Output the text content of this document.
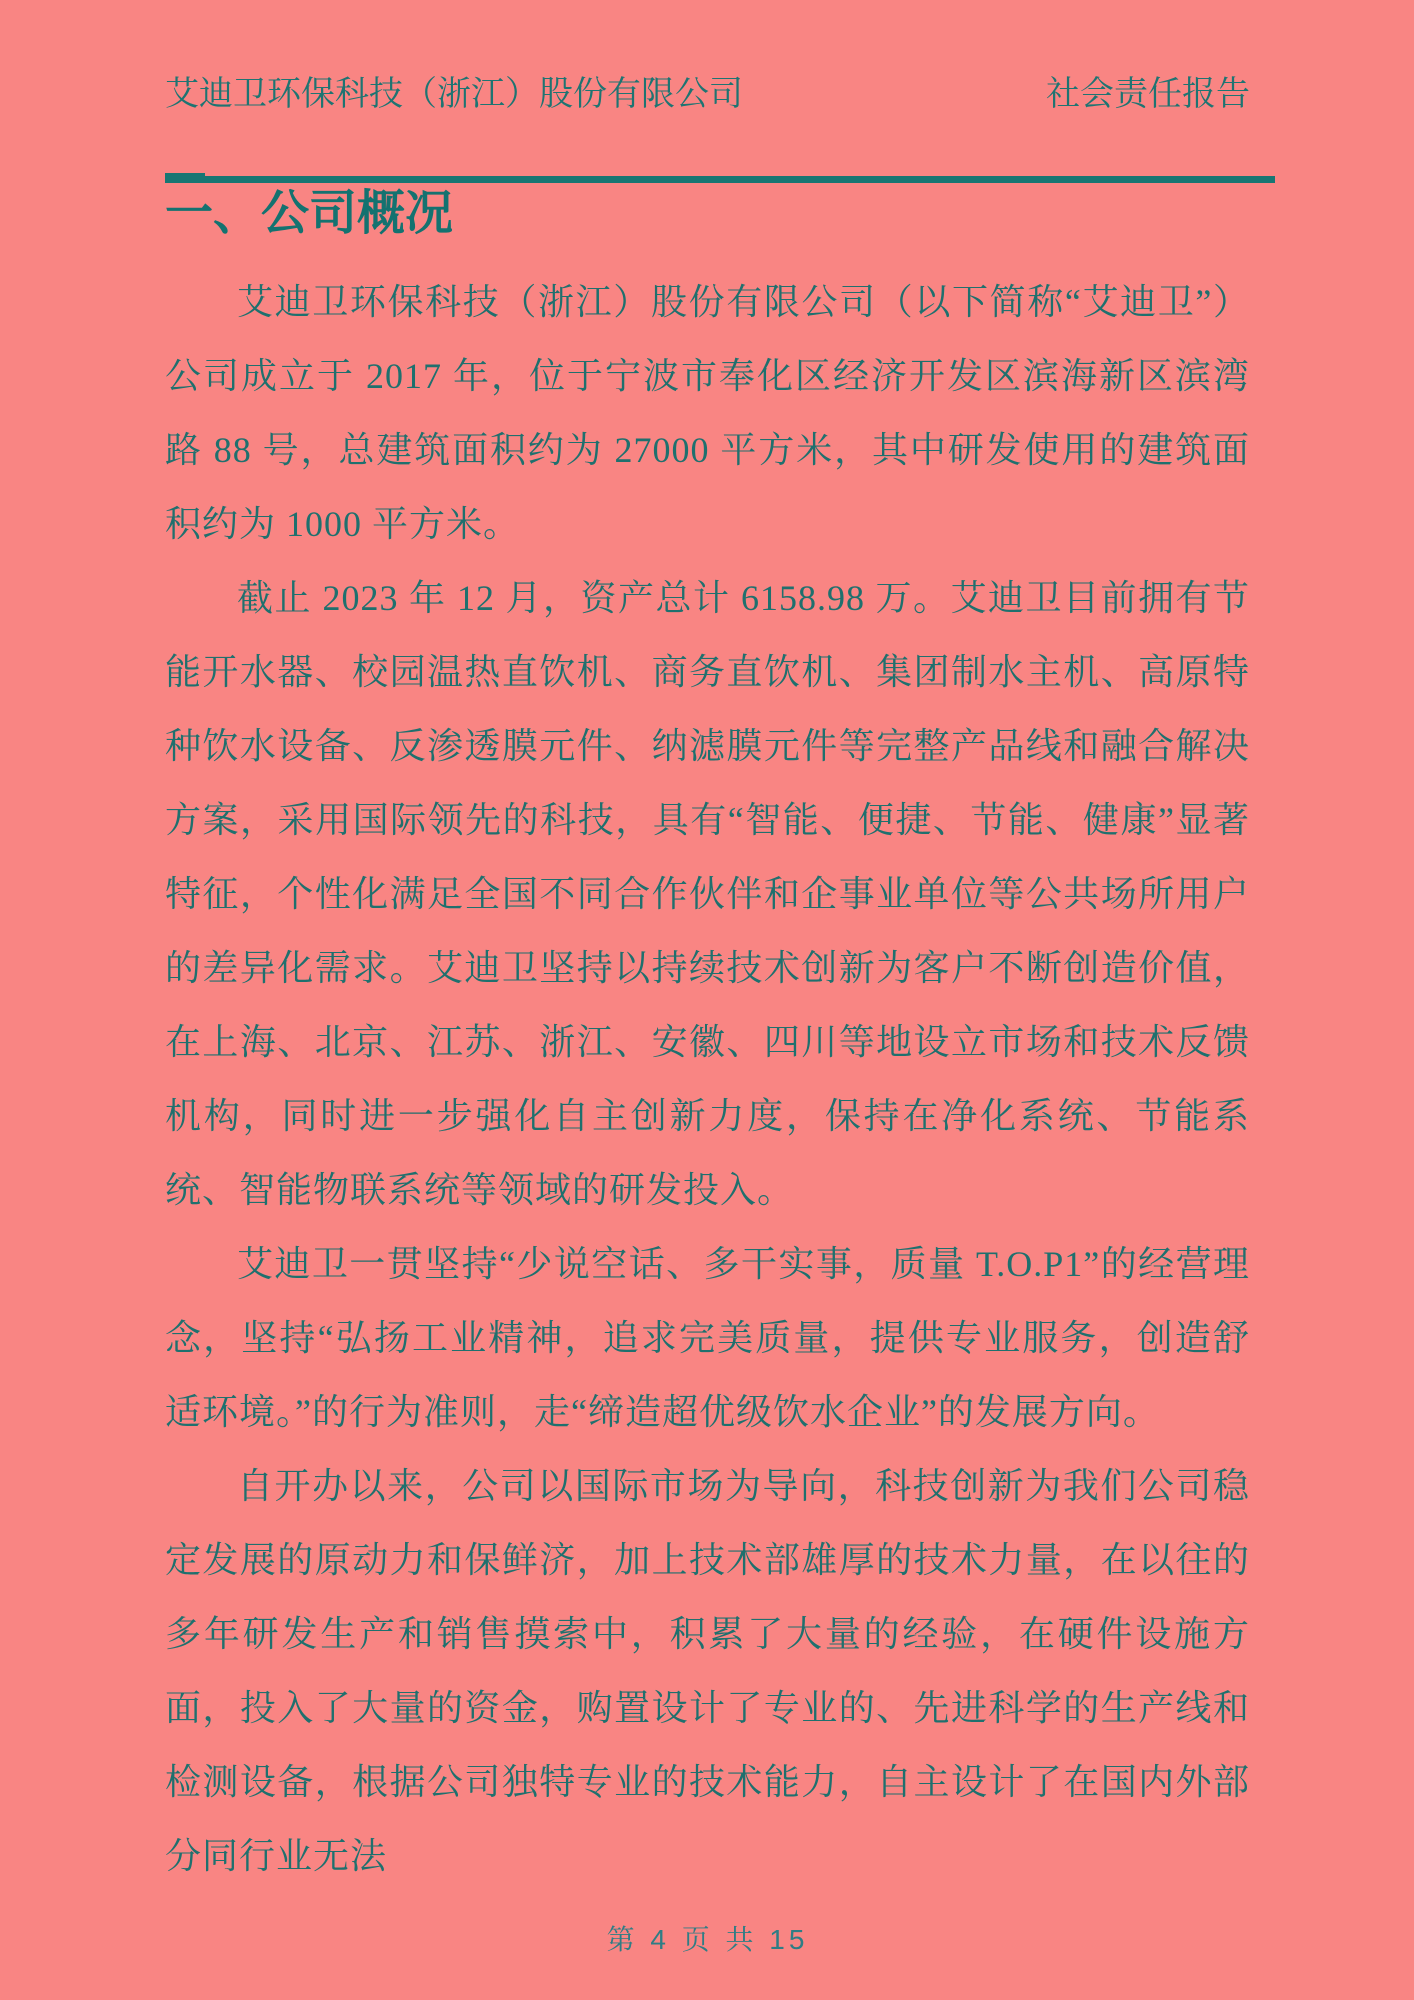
艾迪卫环保科技（浙江）股份有限公司	社会责任报告
一、公司概况

艾迪卫环保科技（浙江）股份有限公司（以下简称“艾迪卫”）公司成立于 2017 年，位于宁波市奉化区经济开发区滨海新区滨湾路 88 号，总建筑面积约为 27000 平方米，其中研发使用的建筑面积约为 1000 平方米。

截止 2023 年 12 月，资产总计 6158.98 万。艾迪卫目前拥有节能开水器、校园温热直饮机、商务直饮机、集团制水主机、高原特种饮水设备、反渗透膜元件、纳滤膜元件等完整产品线和融合解决方案，采用国际领先的科技，具有“智能、便捷、节能、健康”显著特征，个性化满足全国不同合作伙伴和企事业单位等公共场所用户的差异化需求。艾迪卫坚持以持续技术创新为客户不断创造价值，在上海、北京、江苏、浙江、安徽、四川等地设立市场和技术反馈机构，同时进一步强化自主创新力度，保持在净化系统、节能系统、智能物联系统等领域的研发投入。

艾迪卫一贯坚持“少说空话、多干实事，质量 T.O.P1”的经营理念，坚持“弘扬工业精神，追求完美质量，提供专业服务，创造舒适环境。”的行为准则，走“缔造超优级饮水企业”的发展方向。

自开办以来，公司以国际市场为导向，科技创新为我们公司稳定发展的原动力和保鲜济，加上技术部雄厚的技术力量，在以往的多年研发生产和销售摸索中，积累了大量的经验，在硬件设施方面，投入了大量的资金，购置设计了专业的、先进科学的生产线和检测设备，根据公司独特专业的技术能力，自主设计了在国内外部分同行业无法

第 4 页 共 15
